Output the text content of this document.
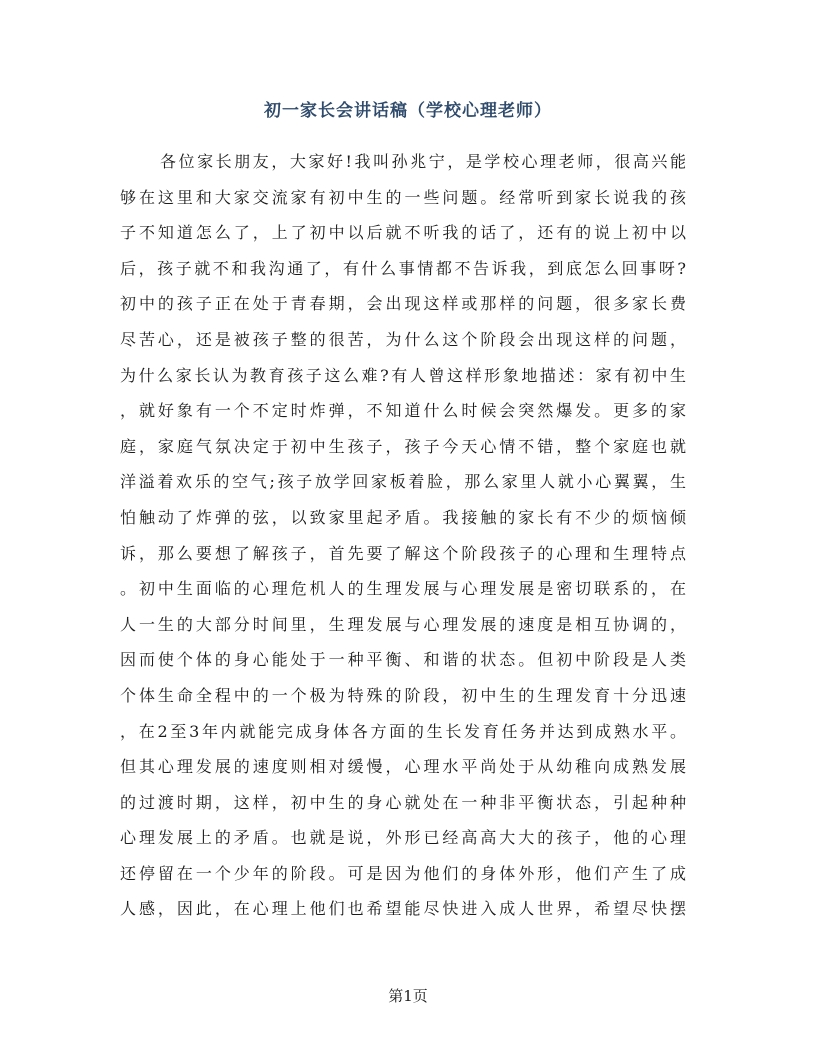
初一家长会讲话稿（学校心理老师）
各位家长朋友，大家好!我叫孙兆宁，是学校心理老师，很高兴能
够在这里和大家交流家有初中生的一些问题。经常听到家长说我的孩
子不知道怎么了，上了初中以后就不听我的话了，还有的说上初中以
后，孩子就不和我沟通了，有什么事情都不告诉我，到底怎么回事呀?
初中的孩子正在处于青春期，会出现这样或那样的问题，很多家长费
尽苦心，还是被孩子整的很苦，为什么这个阶段会出现这样的问题，
为什么家长认为教育孩子这么难?有人曾这样形象地描述：家有初中生
，就好象有一个不定时炸弹，不知道什么时候会突然爆发。更多的家
庭，家庭气氛决定于初中生孩子，孩子今天心情不错，整个家庭也就
洋溢着欢乐的空气;孩子放学回家板着脸，那么家里人就小心翼翼，生
怕触动了炸弹的弦，以致家里起矛盾。我接触的家长有不少的烦恼倾
诉，那么要想了解孩子，首先要了解这个阶段孩子的心理和生理特点
。初中生面临的心理危机人的生理发展与心理发展是密切联系的，在
人一生的大部分时间里，生理发展与心理发展的速度是相互协调的，
因而使个体的身心能处于一种平衡、和谐的状态。但初中阶段是人类
个体生命全程中的一个极为特殊的阶段，初中生的生理发育十分迅速
，在2至3年内就能完成身体各方面的生长发育任务并达到成熟水平。
但其心理发展的速度则相对缓慢，心理水平尚处于从幼稚向成熟发展
的过渡时期，这样，初中生的身心就处在一种非平衡状态，引起种种
心理发展上的矛盾。也就是说，外形已经高高大大的孩子，他的心理
还停留在一个少年的阶段。可是因为他们的身体外形，他们产生了成
人感，因此，在心理上他们也希望能尽快进入成人世界，希望尽快摆
第1页
